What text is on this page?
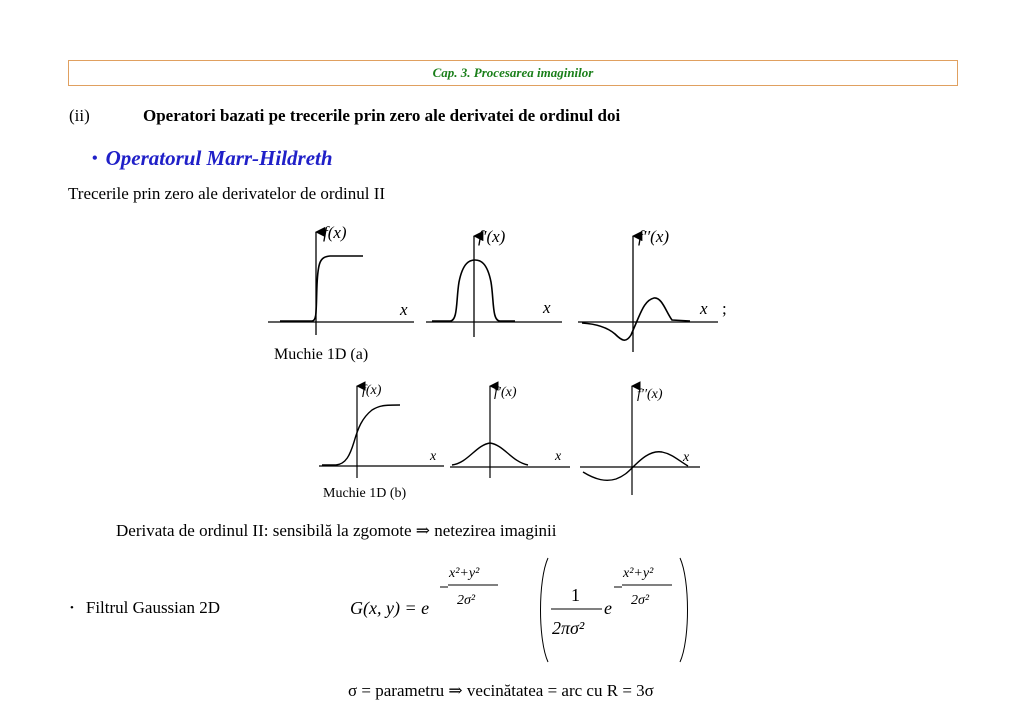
Cap. 3. Procesarea imaginilor
(ii)	Operatori bazati pe trecerile prin zero ale derivatei de ordinul doi
• Operatorul Marr-Hildreth
Trecerile prin zero ale derivatelor de ordinul II
f(x)
x
f′(x)
x
f′′(x)
x ;
f(x)
x
f′(x)
x
f′′(x)
x
G(x, y) = e
x²+y²
2σ²	1
2πσ²
e
x²+y²
2σ²
Muchie 1D (a)
Muchie 1D (b)
Derivata de ordinul II: sensibilă la zgomote ⇒ netezirea imaginii
• Filtrul Gaussian 2D
σ = parametru ⇒ vecinătatea = arc cu R = 3σ
